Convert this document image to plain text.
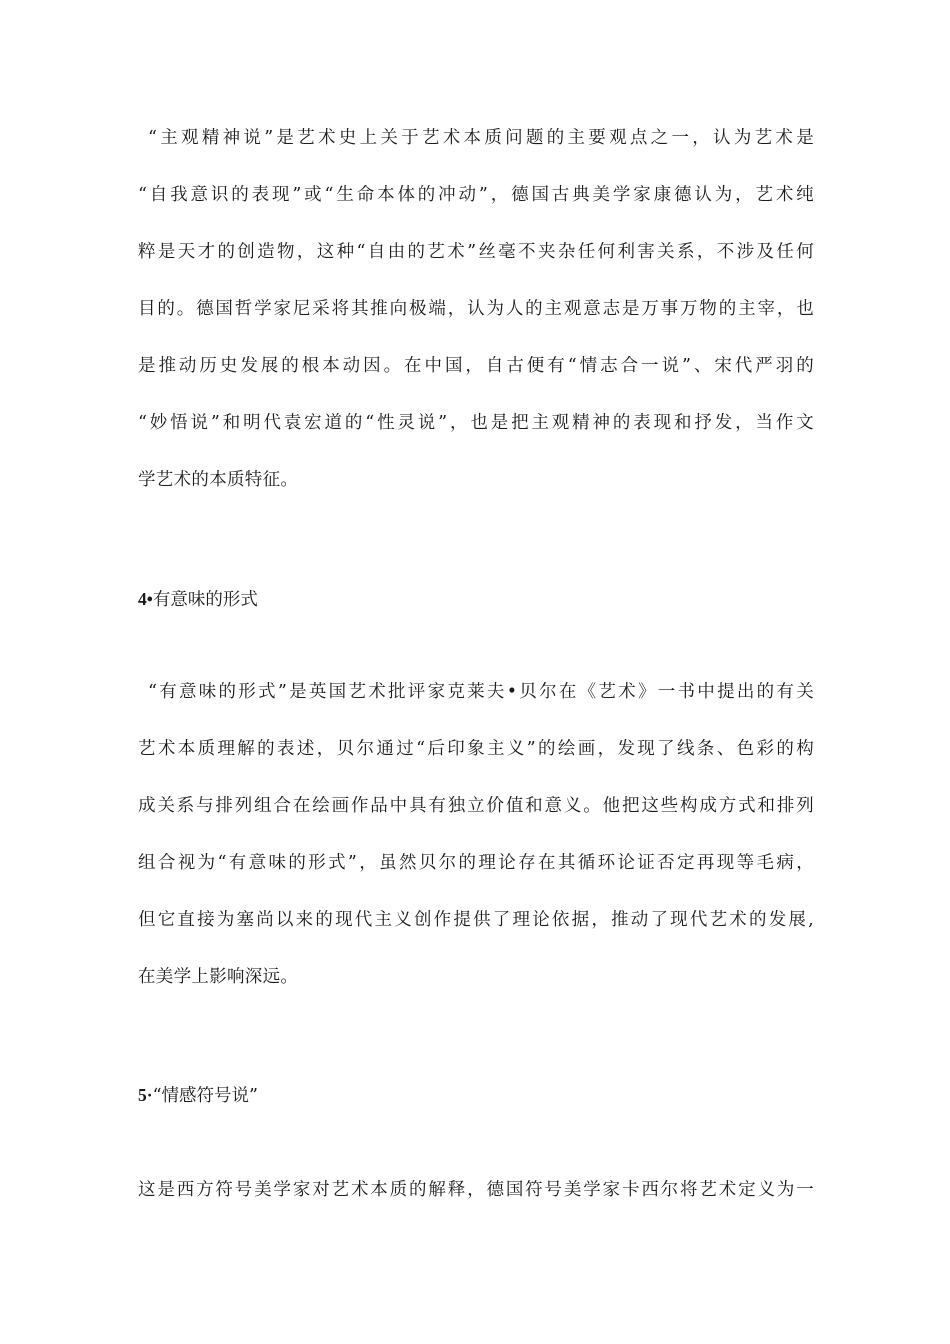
“主观精神说”是艺术史上关于艺术本质问题的主要观点之一，认为艺术是
“自我意识的表现”或“生命本体的冲动”，德国古典美学家康德认为，艺术纯
粹是天才的创造物，这种“自由的艺术”丝毫不夹杂任何利害关系，不涉及任何
目的。德国哲学家尼采将其推向极端，认为人的主观意志是万事万物的主宰，也
是推动历史发展的根本动因。在中国，自古便有“情志合一说”、宋代严羽的
“妙悟说”和明代袁宏道的“性灵说”，也是把主观精神的表现和抒发，当作文
学艺术的本质特征。
4•有意味的形式
“有意味的形式”是英国艺术批评家克莱夫•贝尔在《艺术》一书中提出的有关
艺术本质理解的表述，贝尔通过“后印象主义”的绘画，发现了线条、色彩的构
成关系与排列组合在绘画作品中具有独立价值和意义。他把这些构成方式和排列
组合视为“有意味的形式”，虽然贝尔的理论存在其循环论证否定再现等毛病，
但它直接为塞尚以来的现代主义创作提供了理论依据，推动了现代艺术的发展,
在美学上影响深远。
5·“情感符号说”
这是西方符号美学家对艺术本质的解释，德国符号美学家卡西尔将艺术定义为一
